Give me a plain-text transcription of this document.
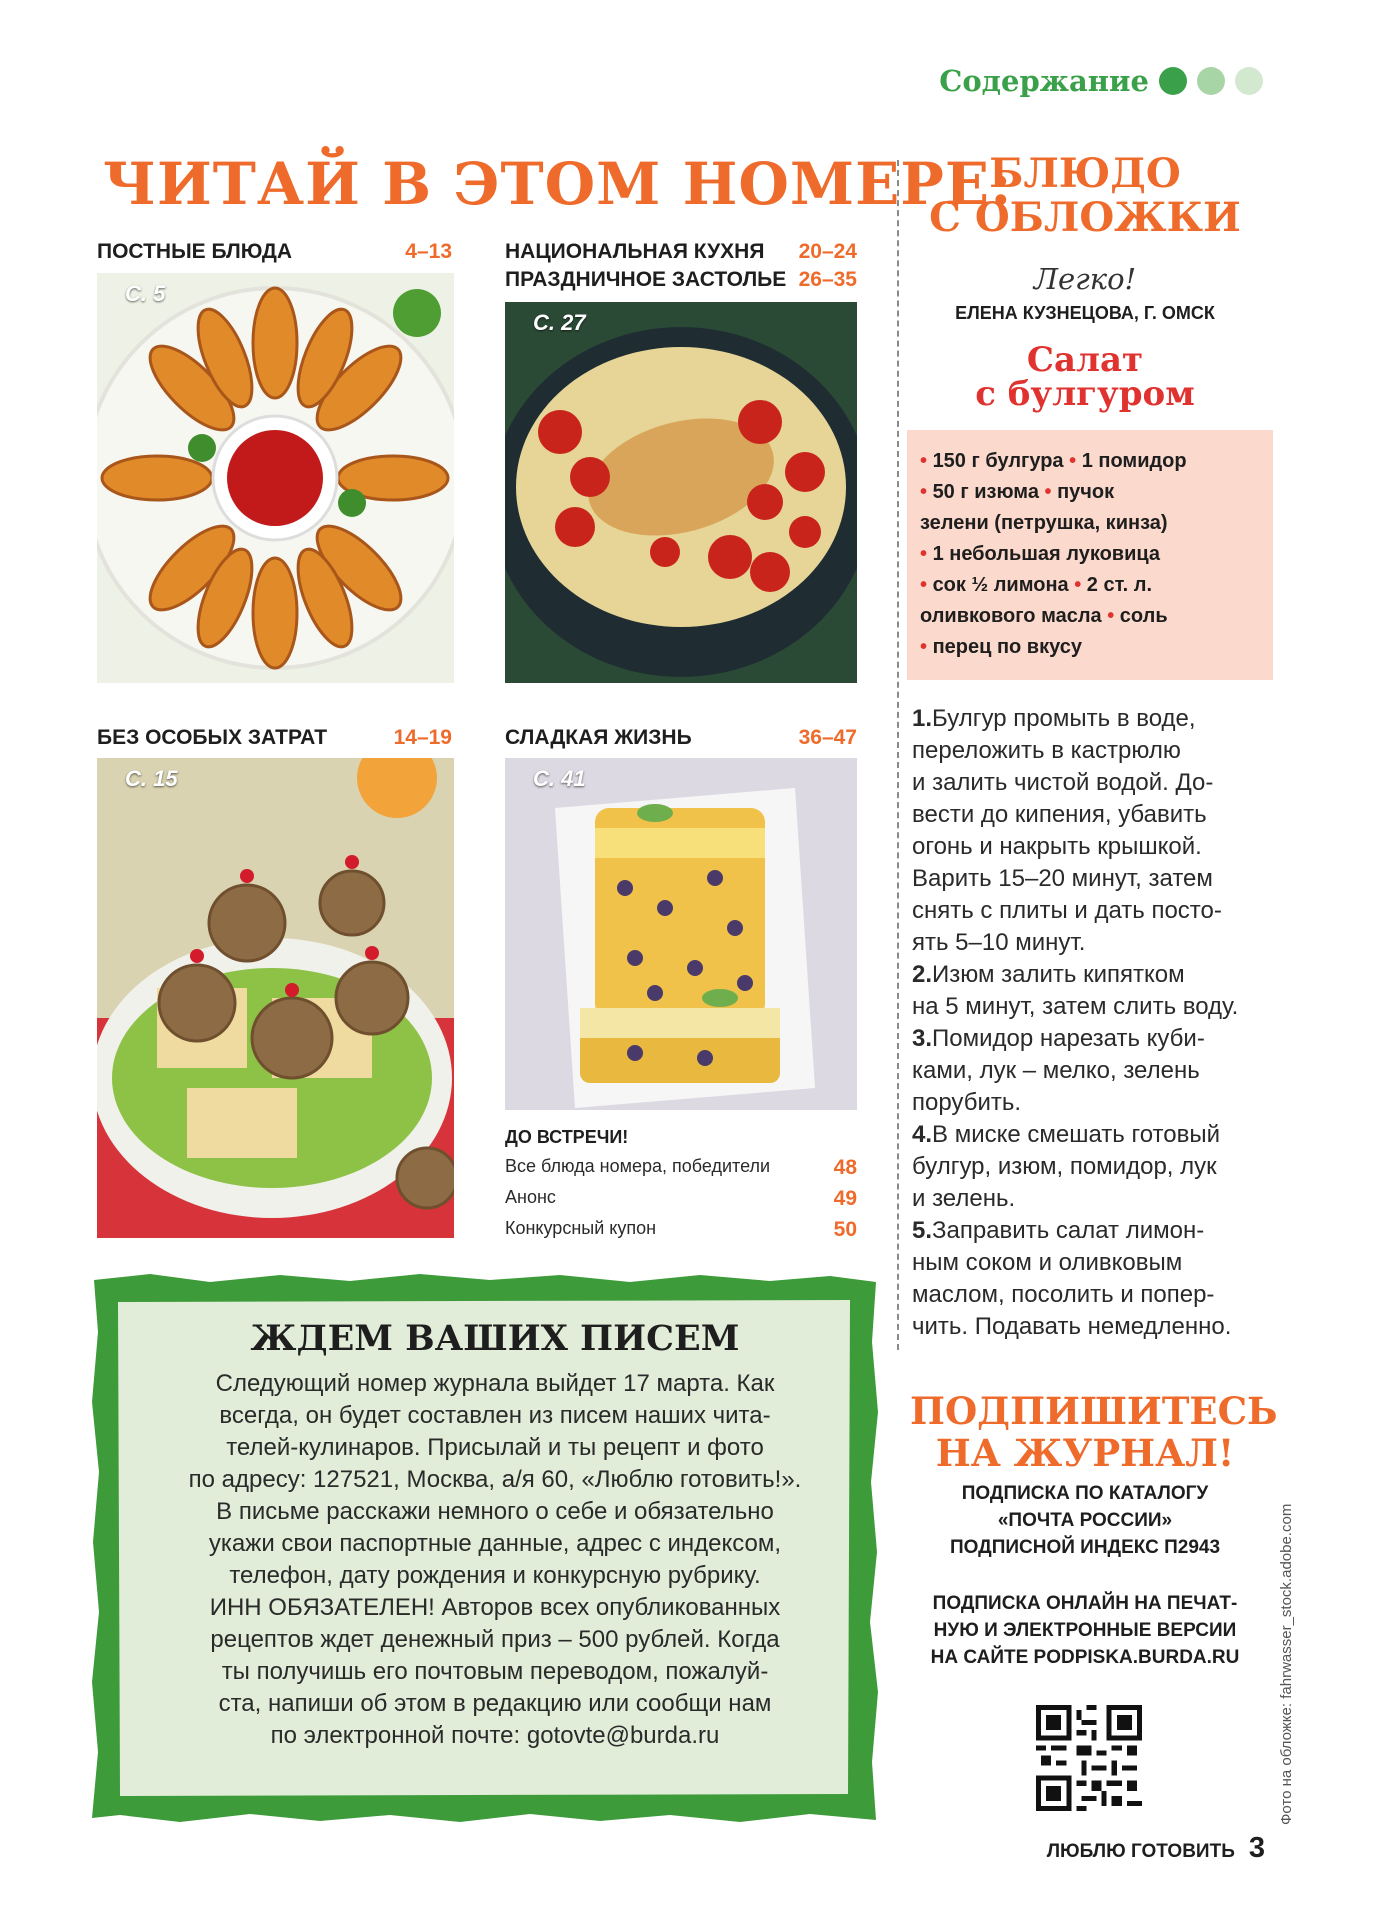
Содержание
ЧИТАЙ В ЭТОМ НОМЕРЕ:
ПОСТНЫЕ БЛЮДА	4–13
С. 5
НАЦИОНАЛЬНАЯ КУХНЯ	20–24
ПРАЗДНИЧНОЕ ЗАСТОЛЬЕ 26–35
С. 27
БЕЗ ОСОБЫХ ЗАТРАТ	14–19
С. 15
СЛАДКАЯ ЖИЗНЬ	36–47
С. 41
ДО ВСТРЕЧИ!
Все блюда номера, победители	48
Анонс	49
Конкурсный купон	50
БЛЮДО
С ОБЛОЖКИ
Легко!
ЕЛЕНА КУЗНЕЦОВА, Г. ОМСК
Салат
с булгуром
• 150 г булгура • 1 помидор
• 50 г изюма • пучок
зелени (петрушка, кинза)
• 1 небольшая луковица
• сок ½ лимона • 2 ст. л.
оливкового масла • соль
• перец по вкусу
1.Булгур промыть в воде,
переложить в кастрюлю
и залить чистой водой. До-
вести до кипения, убавить
огонь и накрыть крышкой.
Варить 15–20 минут, затем
снять с плиты и дать посто-
ять 5–10 минут.
2.Изюм залить кипятком
на 5 минут, затем слить воду.
3.Помидор нарезать куби-
ками, лук – мелко, зелень
порубить.
4.В миске смешать готовый
булгур, изюм, помидор, лук
и зелень.
5.Заправить салат лимон-
ным соком и оливковым
маслом, посолить и попер-
чить. Подавать немедленно.
ПОДПИШИТЕСЬ
НА ЖУРНАЛ!
ПОДПИСКА ПО КАТАЛОГУ
«ПОЧТА РОССИИ»
ПОДПИСНОЙ ИНДЕКС П2943
ПОДПИСКА ОНЛАЙН НА ПЕЧАТ-
НУЮ И ЭЛЕКТРОННЫЕ ВЕРСИИ
НА САЙТЕ PODPISKA.BURDA.RU	Фото на обложке: fahrwasser_stock.adobe.com
ЖДЕМ ВАШИХ ПИСЕМ
Следующий номер журнала выйдет 17 марта. Как
всегда, он будет составлен из писем наших чита-
телей-кулинаров. Присылай и ты рецепт и фото
по адресу: 127521, Москва, а/я 60, «Люблю готовить!».
В письме расскажи немного о себе и обязательно
укажи свои паспортные данные, адрес с индексом,
телефон, дату рождения и конкурсную рубрику.
ИНН ОБЯЗАТЕЛЕН! Авторов всех опубликованных
рецептов ждет денежный приз – 500 рублей. Когда
ты получишь его почтовым переводом, пожалуй-
ста, напиши об этом в редакцию или сообщи нам
по электронной почте: gotovte@burda.ru
ЛЮБЛЮ ГОТОВИТЬ 3
